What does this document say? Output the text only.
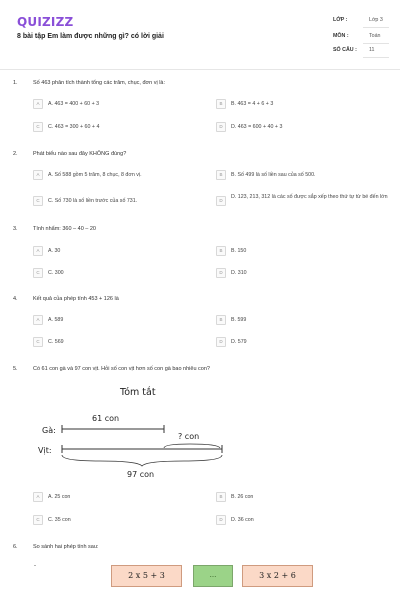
QUIZIZZ
8 bài tập Em làm được những gì? có lời giải
LỚP :	Lớp 3
MÔN :	Toán
SỐ CÂU : 11
1.	Số 463 phân tích thành tổng các trăm, chục, đơn vị là:
A	A. 463 = 400 + 60 + 3	B	B. 463 = 4 + 6 + 3
C	C. 463 = 300 + 60 + 4	D	D. 463 = 600 + 40 + 3
2.	Phát biểu nào sau đây KHÔNG đúng?
A	A. Số 588 gồm 5 trăm, 8 chục, 8 đơn vị.	B	B. Số 499 là số liền sau của số 500.
C	C. Số 730 là số liền trước của số 731.	D
D. 123, 213, 312 là các số được sắp xếp theo thứ tự từ bé đến lớn
3.	Tính nhẩm: 360 – 40 – 20
A	A. 30	B	B. 150
C	C. 300	D	D. 310
4.	Kết quả của phép tính 453 + 126 là
A	A. 589	B	B. 599
C	C. 569	D	D. 579
5.	Có 61 con gà và 97 con vịt. Hỏi số con vịt hơn số con gà bao nhiêu con?
Tóm tắt
61 con
Gà:
? con
Vịt:
97 con
A	A. 25 con	B	B. 26 con
C	C. 35 con	D	D. 36 con
6.	So sánh hai phép tính sau:
-
2 x 5 + 3	...	3 x 2 + 6
